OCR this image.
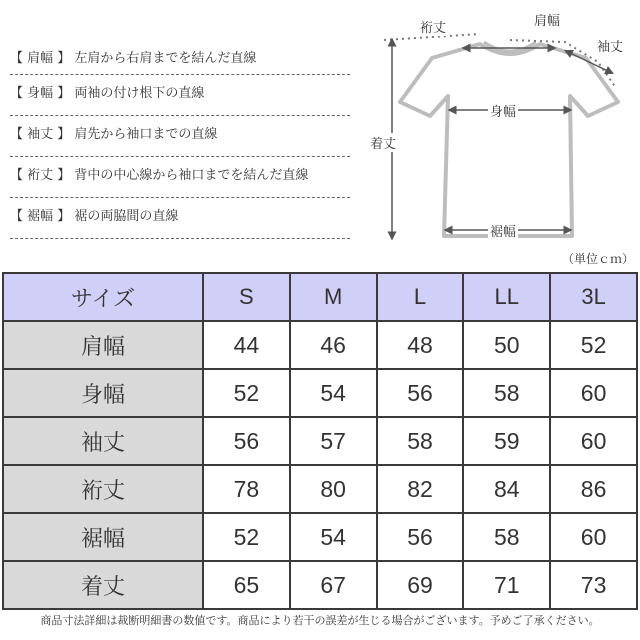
【 肩幅 】 左肩から右肩までを結んだ直線
【 身幅 】 両袖の付け根下の直線
【 袖丈 】 肩先から袖口までの直線
【 裄丈 】 背中の中心線から袖口までを結んだ直線
【 裾幅 】 裾の両脇間の直線
裄丈	肩幅
袖丈
身幅
着丈
裾幅
（単位ｃｍ）
サイズ	S	M	L	LL	3L
肩幅	44	46	48	50	52
身幅	52	54	56	58	60
袖丈	56	57	58	59	60
裄丈	78	80	82	84	86
裾幅	52	54	56	58	60
着丈	65	67	69	71	73
商品寸法詳細は裁断明細書の数値です。商品により若干の誤差が生じる場合がございます。予めご了承ください。
